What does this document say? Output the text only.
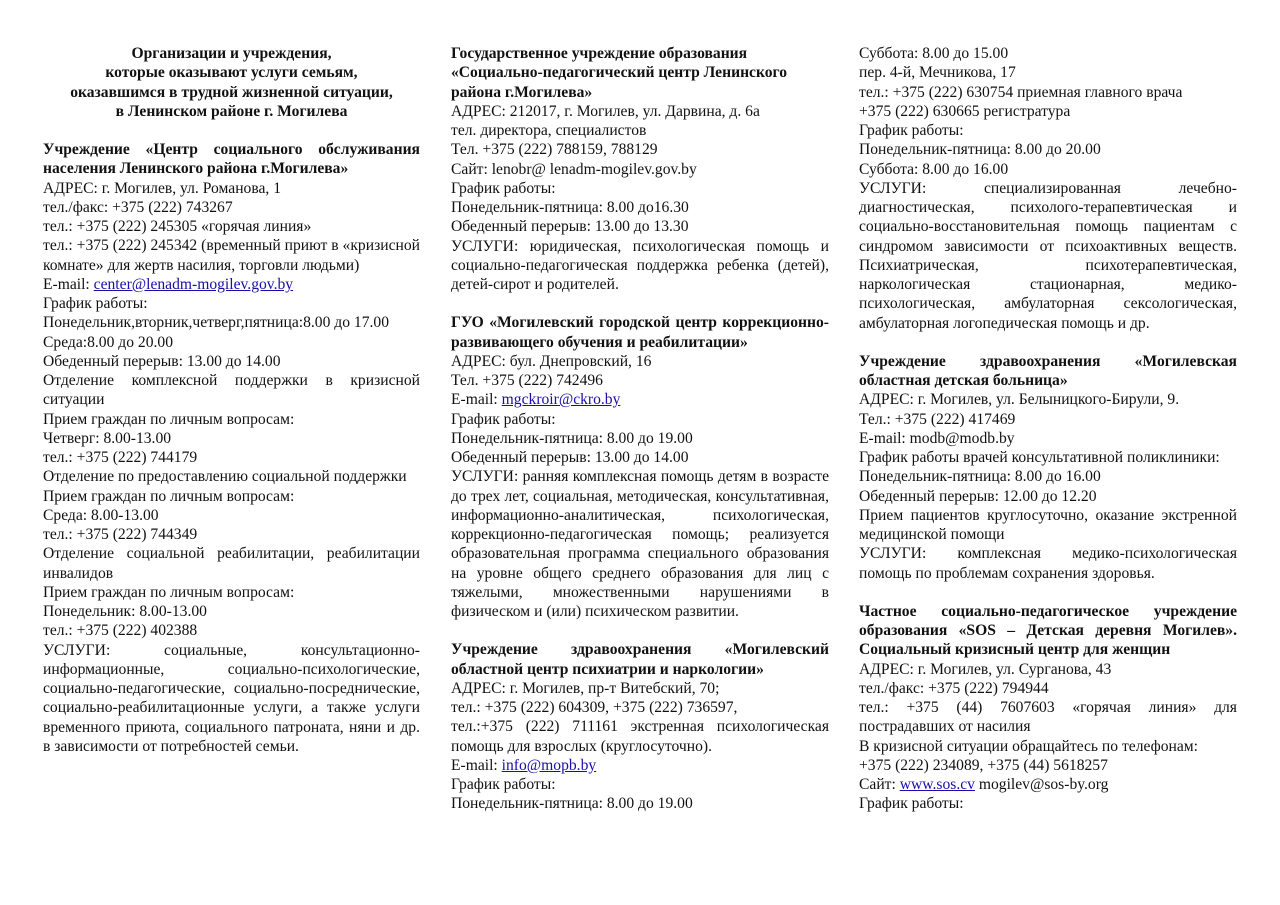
Организации и учреждения,

которые оказывают услуги семьям,

оказавшимся в трудной жизненной ситуации,

в Ленинском районе г. Могилева

Учреждение «Центр социального обслуживания населения Ленинского района г.Могилева»

АДРЕС: г. Могилев, ул. Романова, 1

тел./факс: +375 (222) 743267

тел.: +375 (222) 245305 «горячая линия»

тел.: +375 (222) 245342 (временный приют в «кризисной комнате» для жертв насилия, торговли людьми)

E-mail: center@lenadm-mogilev.gov.by

График работы:

Понедельник,вторник,четверг,пятница:8.00 до 17.00

Среда:8.00 до 20.00

Обеденный перерыв: 13.00 до 14.00

Отделение комплексной поддержки в кризисной ситуации

Прием граждан по личным вопросам:

Четверг: 8.00-13.00

тел.: +375 (222) 744179

Отделение по предоставлению социальной поддержки

Прием граждан по личным вопросам:

Среда: 8.00-13.00

тел.: +375 (222) 744349

Отделение социальной реабилитации, реабилитации инвалидов

Прием граждан по личным вопросам:

Понедельник: 8.00-13.00

тел.: +375 (222) 402388

УСЛУГИ: социальные, консультационно-информационные, социально-психологические, социально-педагогические, социально-посреднические, социально-реабилитационные услуги, а также услуги временного приюта, социального патроната, няни и др. в зависимости от потребностей семьи.

Государственное учреждение образования «Социально-педагогический центр Ленинского района г.Могилева»

АДРЕС: 212017, г. Могилев, ул. Дарвина, д. 6а

тел. директора, специалистов

Тел. +375 (222) 788159, 788129

Сайт: lenobr@ lenadm-mogilev.gov.by

График работы:

Понедельник-пятница: 8.00 до16.30

Обеденный перерыв: 13.00 до 13.30

УСЛУГИ: юридическая, психологическая помощь и социально-педагогическая поддержка ребенка (детей), детей-сирот и родителей.

ГУО «Могилевский городской центр коррекционно-развивающего обучения и реабилитации»

АДРЕС: бул. Днепровский, 16

Тел. +375 (222) 742496

E-mail: mgckroir@ckro.by

График работы:

Понедельник-пятница: 8.00 до 19.00

Обеденный перерыв: 13.00 до 14.00

УСЛУГИ: ранняя комплексная помощь детям в возрасте до трех лет, социальная, методическая, консультативная, информационно-аналитическая, психологическая, коррекционно-педагогическая помощь; реализуется образовательная программа специального образования на уровне общего среднего образования для лиц с тяжелыми, множественными нарушениями в физическом и (или) психическом развитии.

Учреждение здравоохранения «Могилевский областной центр психиатрии и наркологии»

АДРЕС: г. Могилев, пр-т Витебский, 70;

тел.: +375 (222) 604309, +375 (222) 736597,

тел.:+375 (222) 711161 экстренная психологическая помощь для взрослых (круглосуточно).

E-mail: info@mopb.by

График работы:

Понедельник-пятница: 8.00 до 19.00

Суббота: 8.00 до 15.00

пер. 4-й, Мечникова, 17

тел.: +375 (222) 630754 приемная главного врача

+375 (222) 630665 регистратура

График работы:

Понедельник-пятница: 8.00 до 20.00

Суббота: 8.00 до 16.00

УСЛУГИ: специализированная лечебно-диагностическая, психолого-терапевтическая и социально-восстановительная помощь пациентам с синдромом зависимости от психоактивных веществ. Психиатрическая, психотерапевтическая, наркологическая стационарная, медико-психологическая, амбулаторная сексологическая, амбулаторная логопедическая помощь и др.

Учреждение здравоохранения «Могилевская областная детская больница»

АДРЕС: г. Могилев, ул. Белыницкого-Бирули, 9.

Тел.: +375 (222) 417469

E-mail: modb@modb.by

График работы врачей консультативной поликлиники:

Понедельник-пятница: 8.00 до 16.00

Обеденный перерыв: 12.00 до 12.20

Прием пациентов круглосуточно, оказание экстренной медицинской помощи

УСЛУГИ: комплексная медико-психологическая помощь по проблемам сохранения здоровья.

Частное социально-педагогическое учреждение образования «SOS – Детская деревня Могилев». Социальный кризисный центр для женщин

АДРЕС: г. Могилев, ул. Сурганова, 43

тел./факс: +375 (222) 794944

тел.: +375 (44) 7607603 «горячая линия» для пострадавших от насилия

В кризисной ситуации обращайтесь по телефонам:

+375 (222) 234089, +375 (44) 5618257

Сайт: www.sos.cv mogilev@sos-by.org

График работы:
